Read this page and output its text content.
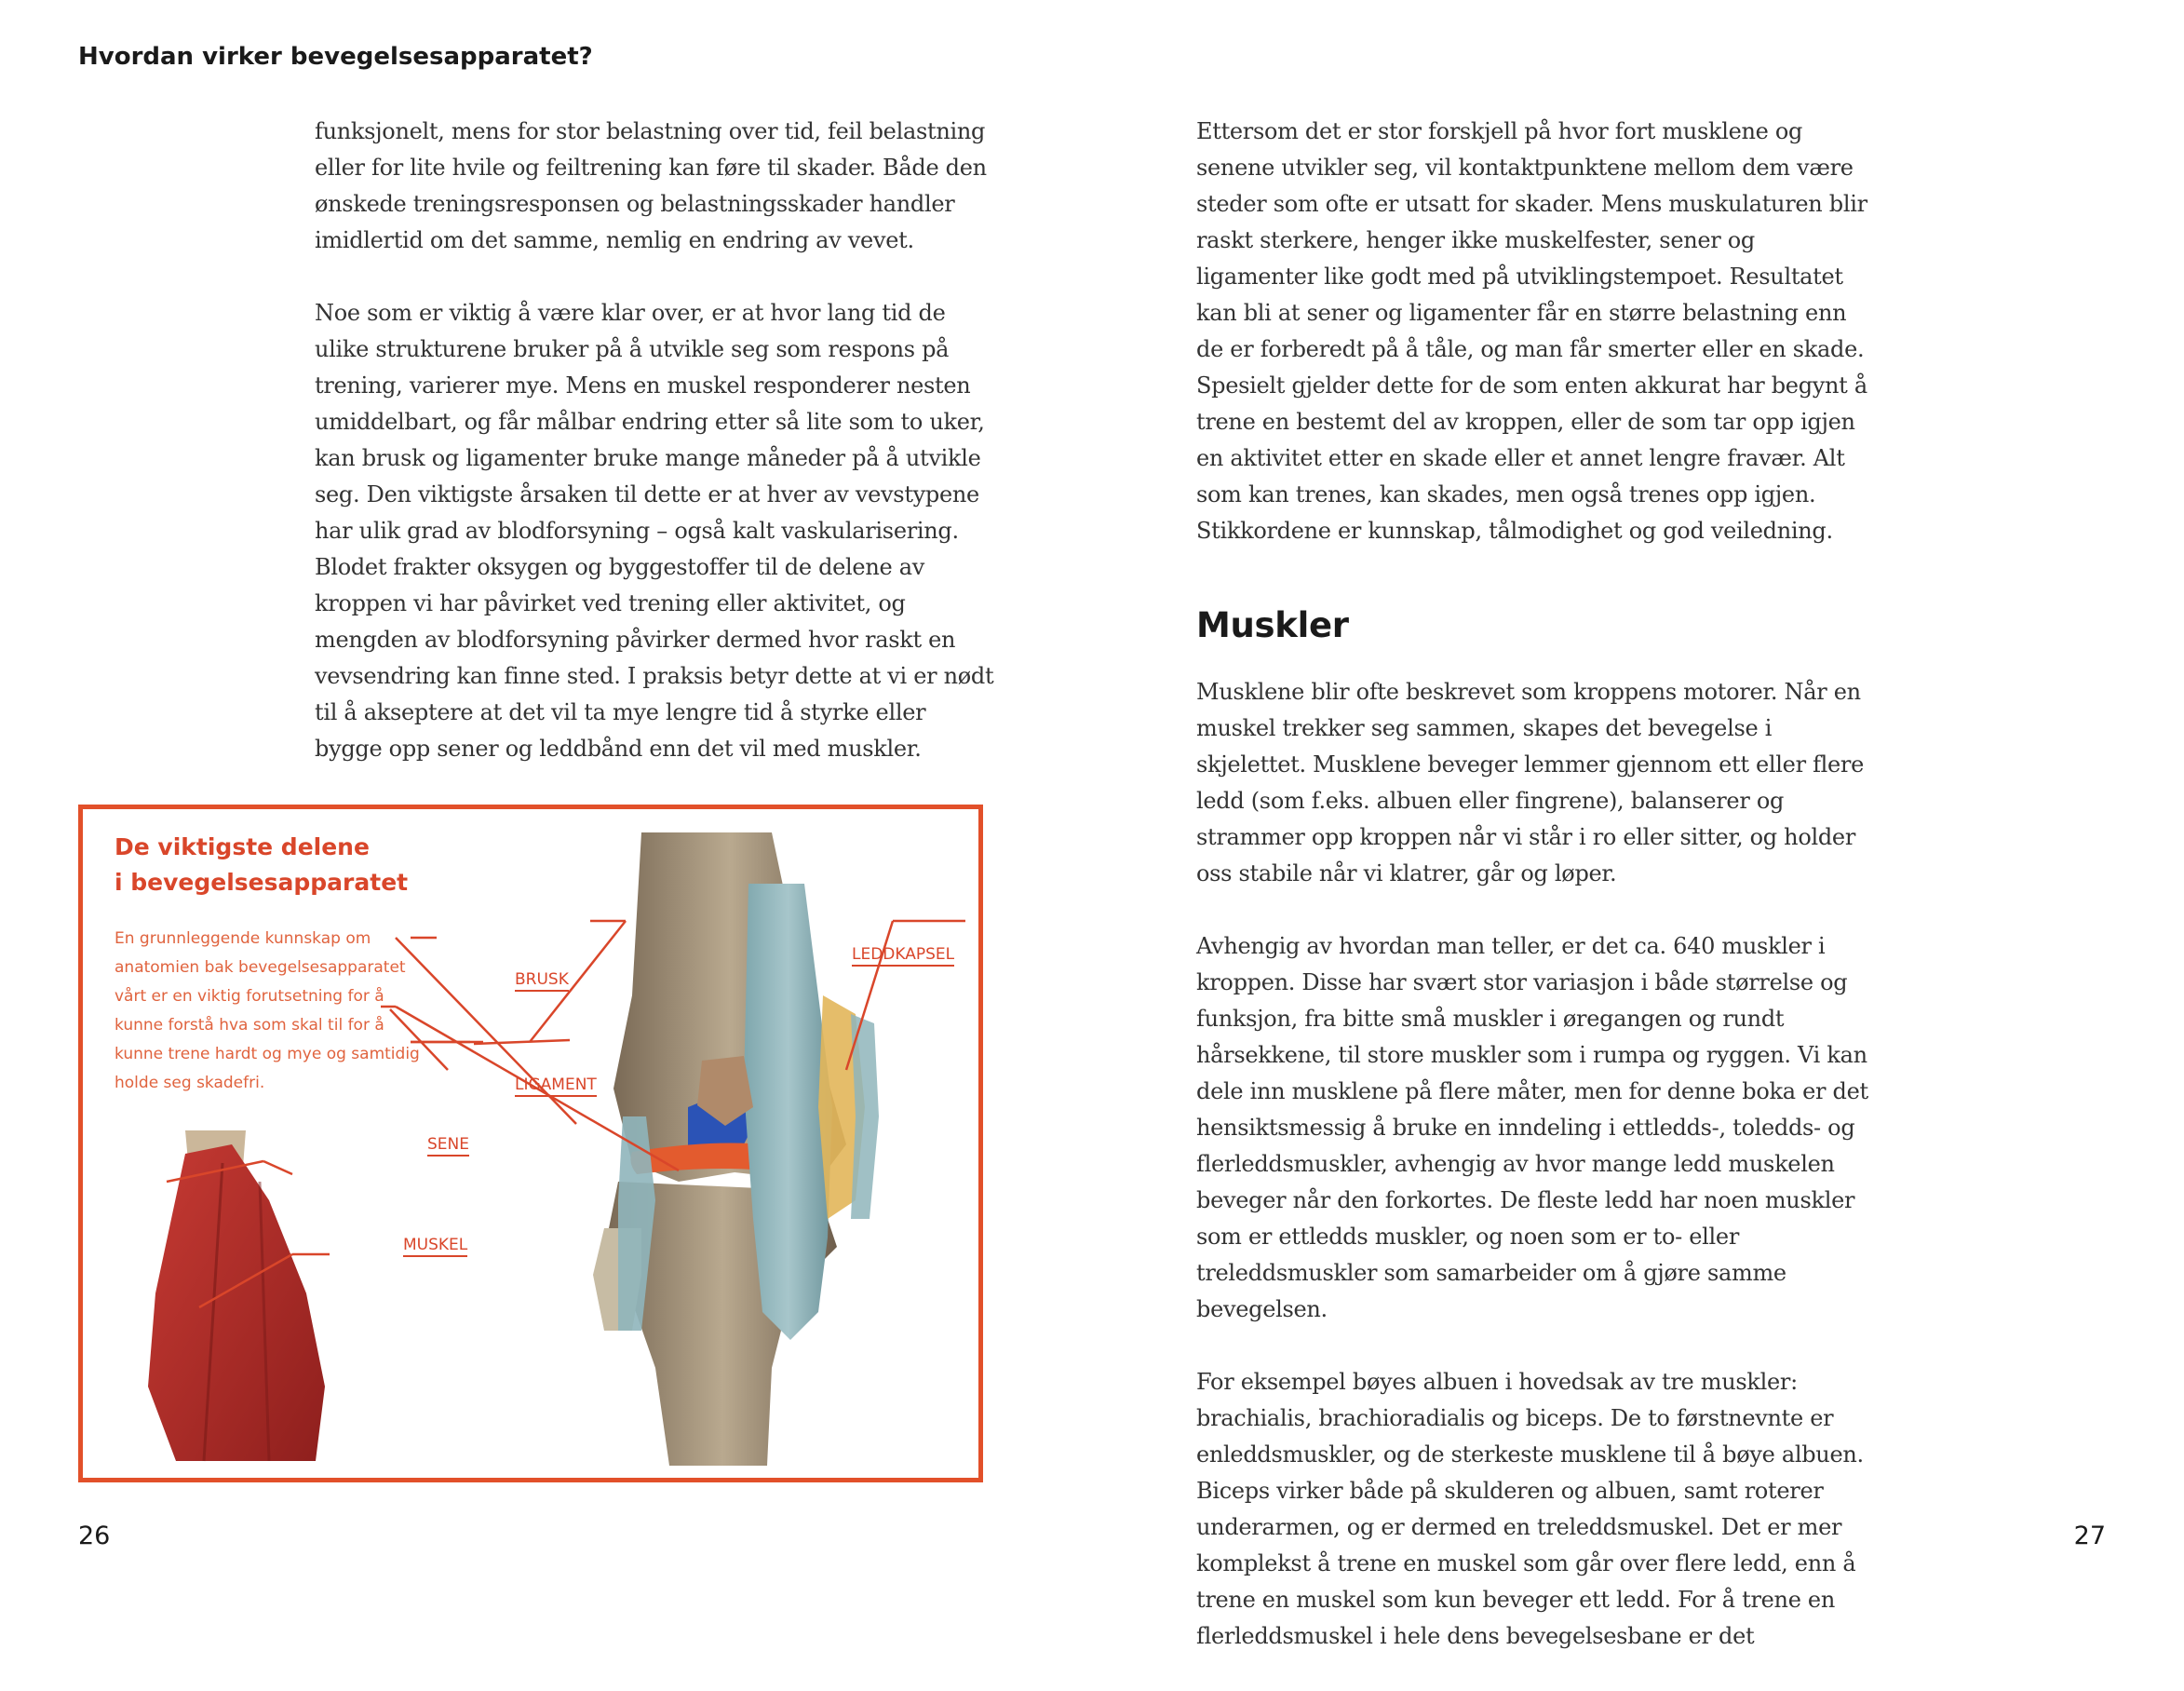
Hvordan virker bevegelsesapparatet?

funksjonelt, mens for stor belastning over tid, feil belastning eller for lite hvile og feiltrening kan føre til skader. Både den ønskede treningsresponsen og belastningsskader handler imidlertid om det samme, nemlig en endring av vevet.

Noe som er viktig å være klar over, er at hvor lang tid de ulike strukturene bruker på å utvikle seg som respons på trening, varierer mye. Mens en muskel responderer nesten umiddelbart, og får målbar endring etter så lite som to uker, kan brusk og ligamenter bruke mange måneder på å utvikle seg. Den viktigste årsaken til dette er at hver av vevstypene har ulik grad av blodforsyning – også kalt vaskularisering. Blodet frakter oksygen og byggestoffer til de delene av kroppen vi har påvirket ved trening eller aktivitet, og mengden av blodforsyning påvirker dermed hvor raskt en vevsendring kan finne sted. I praksis betyr dette at vi er nødt til å akseptere at det vil ta mye lengre tid å styrke eller bygge opp sener og leddbånd enn det vil med muskler.

De viktigste delene
i bevegelsesapparatet
En grunnleggende kunnskap om anatomien bak bevegelsesapparatet vårt er en viktig forutsetning for å kunne forstå hva som skal til for å kunne trene hardt og mye og samtidig holde seg skadefri.
BRUSK
LIGAMENT
LEDDKAPSEL
SENE
MUSKEL
26

Ettersom det er stor forskjell på hvor fort musklene og senene utvikler seg, vil kontaktpunktene mellom dem være steder som ofte er utsatt for skader. Mens muskulaturen blir raskt sterkere, henger ikke muskelfester, sener og ligamenter like godt med på utviklingstempoet. Resultatet kan bli at sener og ligamenter får en større belastning enn de er forberedt på å tåle, og man får smerter eller en skade. Spesielt gjelder dette for de som enten akkurat har begynt å trene en bestemt del av kroppen, eller de som tar opp igjen en aktivitet etter en skade eller et annet lengre fravær. Alt som kan trenes, kan skades, men også trenes opp igjen. Stikkordene er kunnskap, tålmodighet og god veiledning.

Muskler

Musklene blir ofte beskrevet som kroppens motorer. Når en muskel trekker seg sammen, skapes det bevegelse i skjelettet. Musklene beveger lemmer gjennom ett eller flere ledd (som f.eks. albuen eller fingrene), balanserer og strammer opp kroppen når vi står i ro eller sitter, og holder oss stabile når vi klatrer, går og løper.

Avhengig av hvordan man teller, er det ca. 640 muskler i kroppen. Disse har svært stor variasjon i både størrelse og funksjon, fra bitte små muskler i øregangen og rundt hårsekkene, til store muskler som i rumpa og ryggen. Vi kan dele inn musklene på flere måter, men for denne boka er det hensiktsmessig å bruke en inndeling i ettledds-, toledds- og flerleddsmuskler, avhengig av hvor mange ledd muskelen beveger når den forkortes. De fleste ledd har noen muskler som er ettledds muskler, og noen som er to- eller treleddsmuskler som samarbeider om å gjøre samme bevegelsen.

For eksempel bøyes albuen i hovedsak av tre muskler: brachialis, brachioradialis og biceps. De to førstnevnte er enleddsmuskler, og de sterkeste musklene til å bøye albuen. Biceps virker både på skulderen og albuen, samt roterer underarmen, og er dermed en treleddsmuskel. Det er mer komplekst å trene en muskel som går over flere ledd, enn å trene en muskel som kun beveger ett ledd. For å trene en flerleddsmuskel i hele dens bevegelsesbane er det

27
